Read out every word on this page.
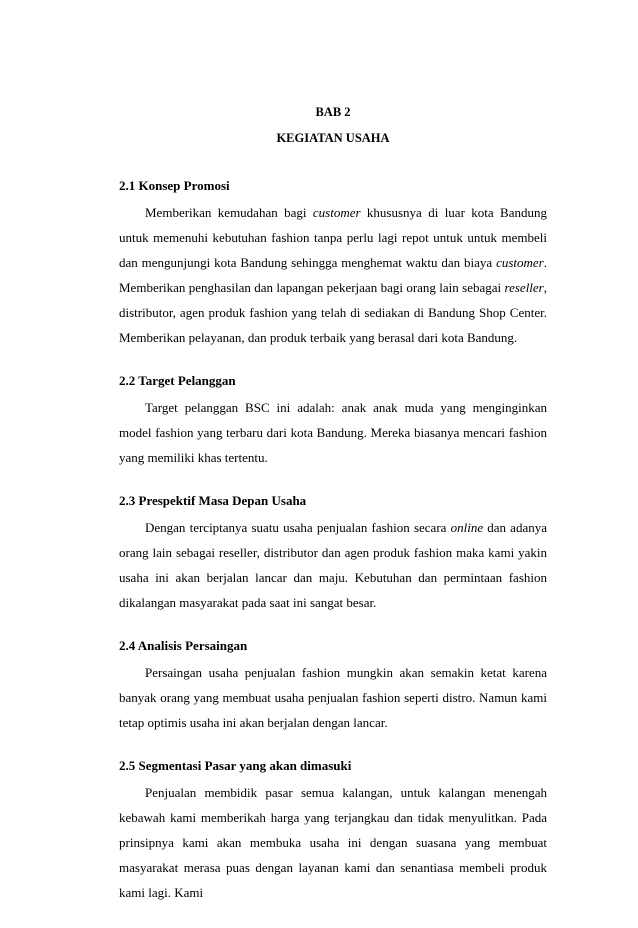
BAB 2

KEGIATAN USAHA

2.1 Konsep Promosi

Memberikan kemudahan bagi customer khususnya di luar kota Bandung untuk memenuhi kebutuhan fashion tanpa perlu lagi repot untuk untuk membeli dan mengunjungi kota Bandung sehingga menghemat waktu dan biaya customer. Memberikan penghasilan dan lapangan pekerjaan bagi orang lain sebagai reseller, distributor, agen produk fashion yang telah di sediakan di Bandung Shop Center. Memberikan pelayanan, dan produk terbaik yang berasal dari kota Bandung.

2.2 Target Pelanggan

Target pelanggan BSC ini adalah: anak anak muda yang menginginkan model fashion yang terbaru dari kota Bandung. Mereka biasanya mencari fashion yang memiliki khas tertentu.

2.3 Prespektif Masa Depan Usaha

Dengan terciptanya suatu usaha penjualan fashion secara online dan adanya orang lain sebagai reseller, distributor dan agen produk fashion maka kami yakin usaha ini akan berjalan lancar dan maju. Kebutuhan dan permintaan fashion dikalangan masyarakat pada saat ini sangat besar.

2.4 Analisis Persaingan

Persaingan usaha penjualan fashion mungkin akan semakin ketat karena banyak orang yang membuat usaha penjualan fashion seperti distro. Namun kami tetap optimis usaha ini akan berjalan dengan lancar.

2.5 Segmentasi Pasar yang akan dimasuki

Penjualan membidik pasar semua kalangan, untuk kalangan menengah kebawah kami memberikah harga yang terjangkau dan tidak menyulitkan. Pada prinsipnya kami akan membuka usaha ini dengan suasana yang membuat masyarakat merasa puas dengan layanan kami dan senantiasa membeli produk kami lagi. Kami
